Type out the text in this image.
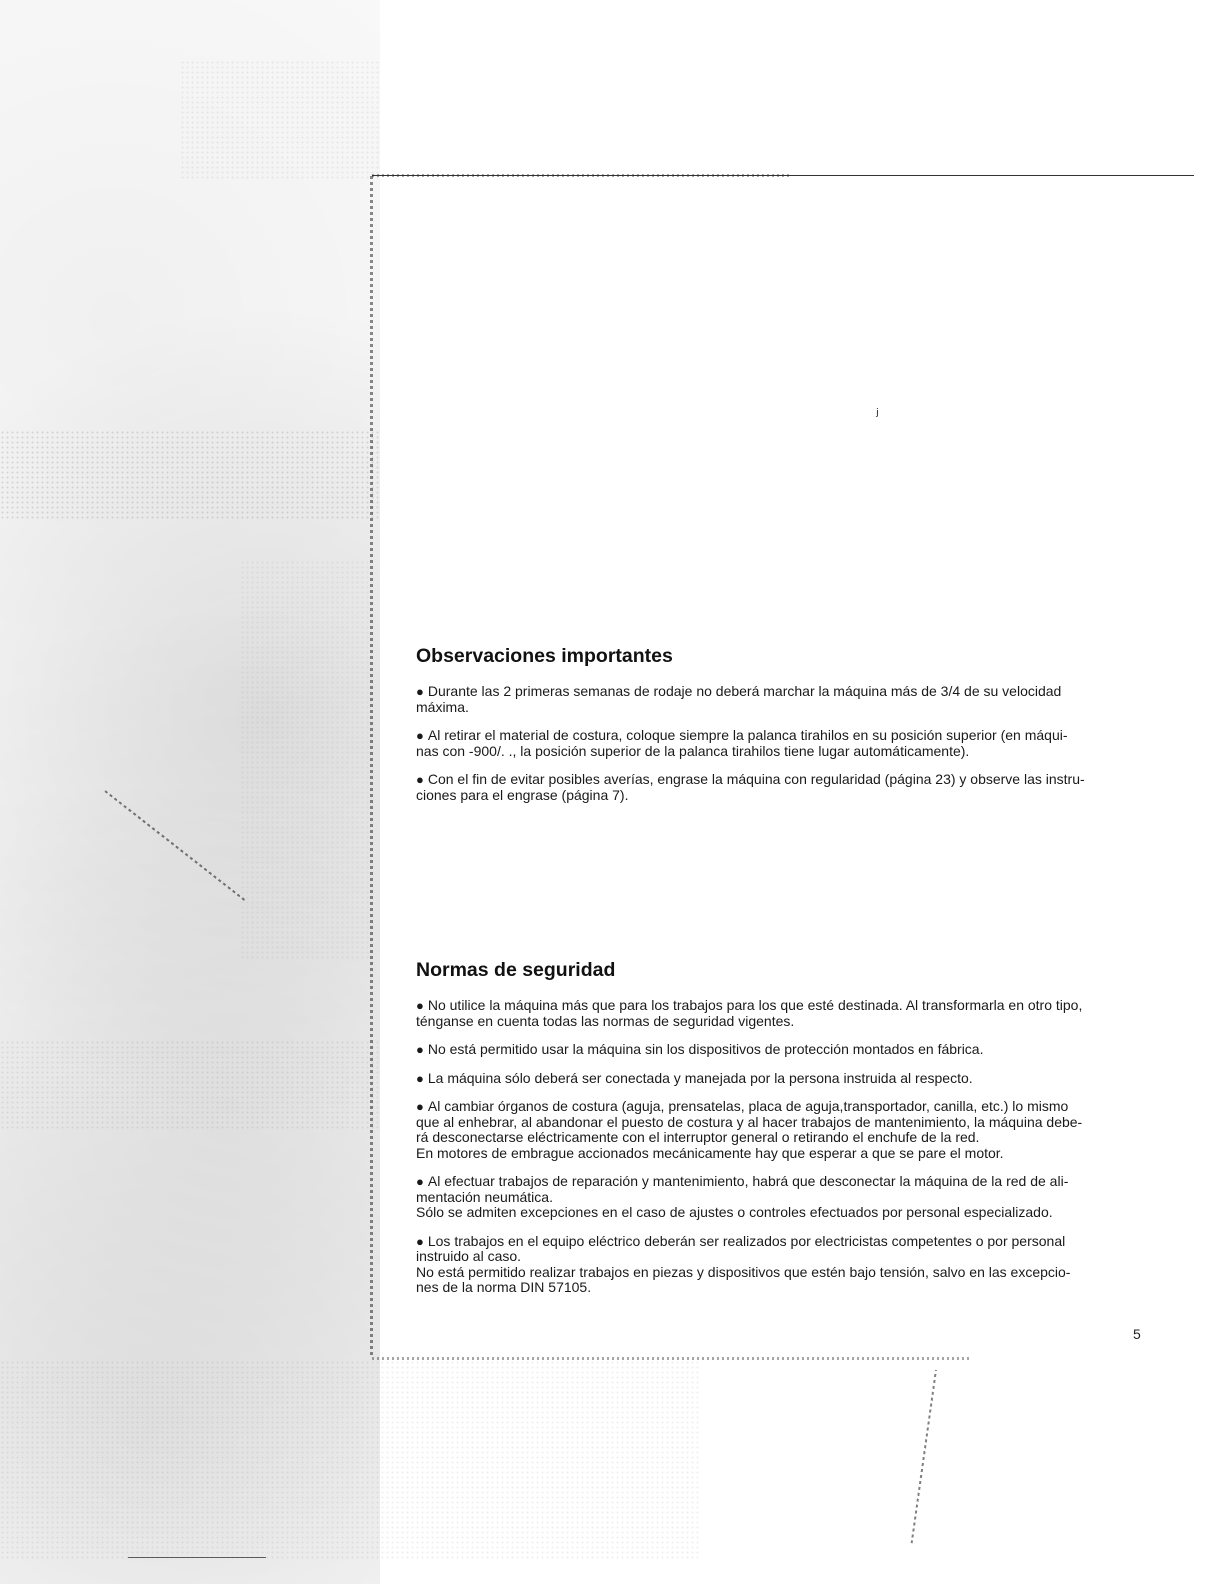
ⱼ
Observaciones importantes
● Durante las 2 primeras semanas de rodaje no deberá marchar la máquina más de 3/4 de su velocidad
máxima.
● Al retirar el material de costura, coloque siempre la palanca tirahilos en su posición superior (en máqui-
nas con -900/. ., la posición superior de la palanca tirahilos tiene lugar automáticamente).
● Con el fin de evitar posibles averías, engrase la máquina con regularidad (página 23) y observe las instru-
ciones para el engrase (página 7).
Normas de seguridad
● No utilice la máquina más que para los trabajos para los que esté destinada. Al transformarla en otro tipo,
ténganse en cuenta todas las normas de seguridad vigentes.
● No está permitido usar la máquina sin los dispositivos de protección montados en fábrica.
● La máquina sólo deberá ser conectada y manejada por la persona instruida al respecto.
● Al cambiar órganos de costura (aguja, prensatelas, placa de aguja,transportador, canilla, etc.) lo mismo
que al enhebrar, al abandonar el puesto de costura y al hacer trabajos de mantenimiento, la máquina debe-
rá desconectarse eléctricamente con el interruptor general o retirando el enchufe de la red.
En motores de embrague accionados mecánicamente hay que esperar a que se pare el motor.
● Al efectuar trabajos de reparación y mantenimiento, habrá que desconectar la máquina de la red de ali-
mentación neumática.
Sólo se admiten excepciones en el caso de ajustes o controles efectuados por personal especializado.
● Los trabajos en el equipo eléctrico deberán ser realizados por electricistas competentes o por personal
instruido al caso.
No está permitido realizar trabajos en piezas y dispositivos que estén bajo tensión, salvo en las excepcio-
nes de la norma DIN 57105.
5
